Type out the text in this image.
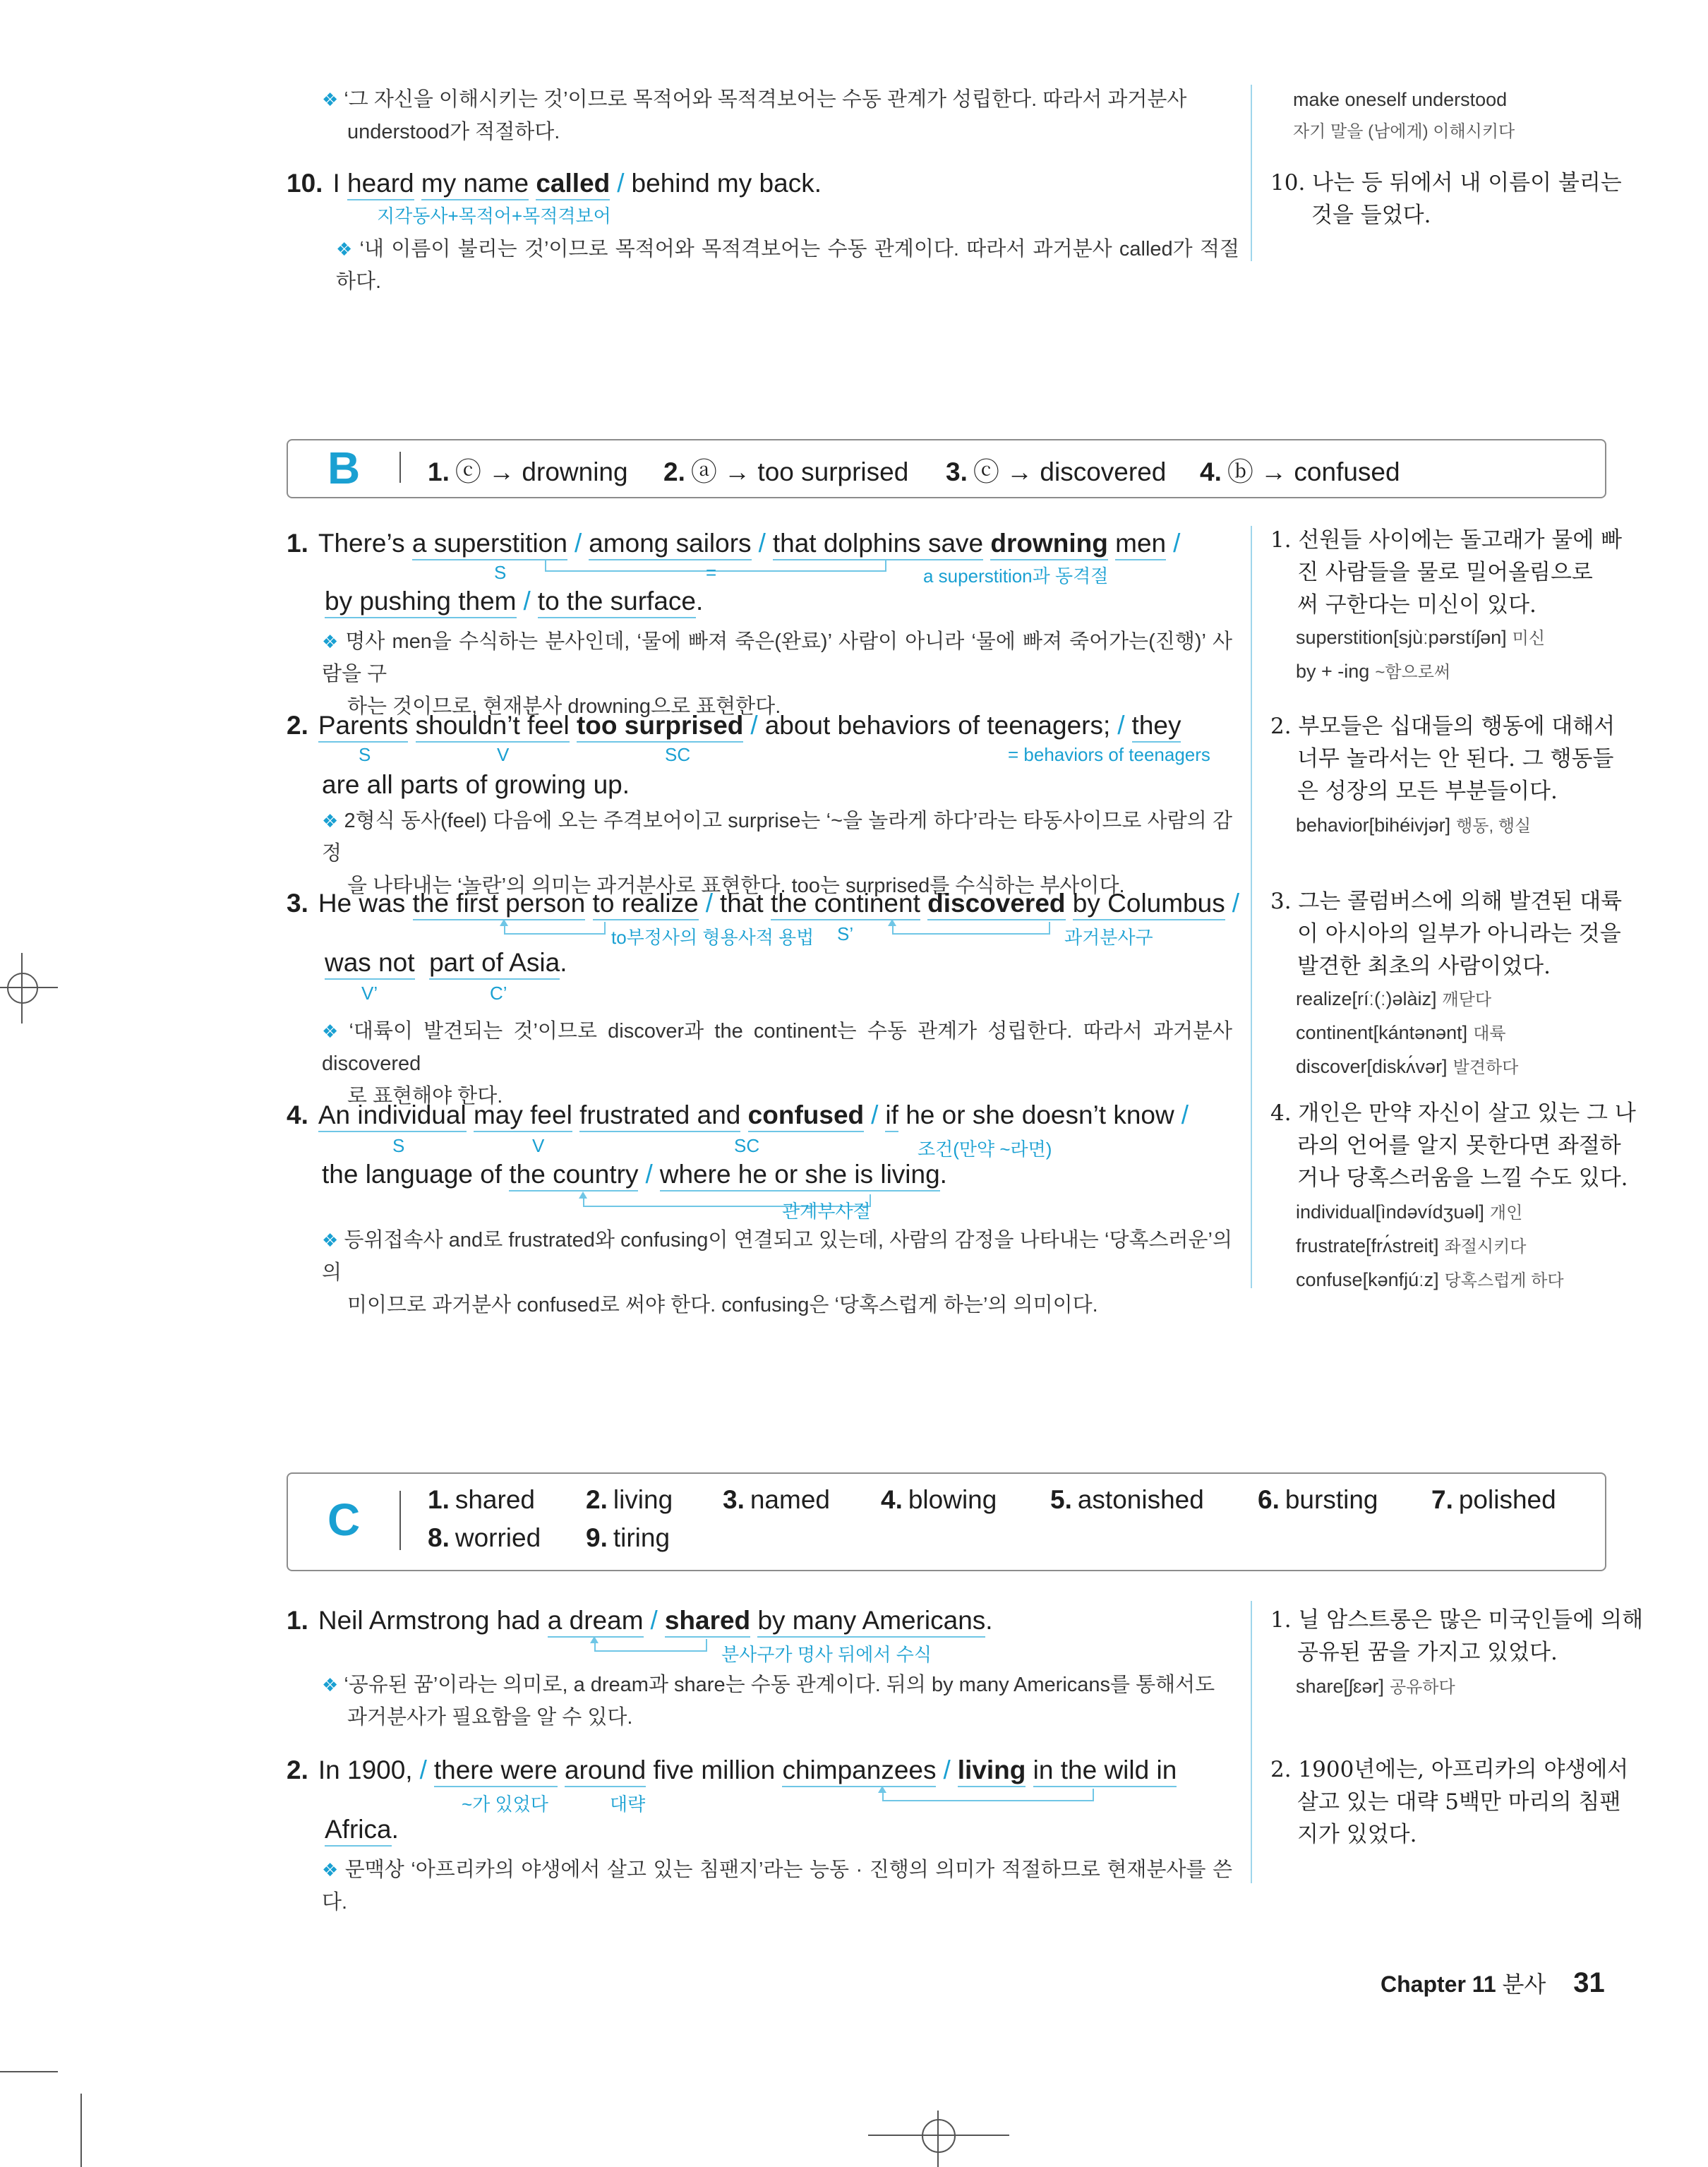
❖ ‘그 자신을 이해시키는 것’이므로 목적어와 목적격보어는 수동 관계가 성립한다. 따라서 과거분사
understood가 적절하다.
make oneself understood
자기 말을 (남에게) 이해시키다
10. I heard my name called / behind my back.
지각동사+목적어+목적격보어
❖ ‘내 이름이 불리는 것’이므로 목적어와 목적격보어는 수동 관계이다. 따라서 과거분사 called가 적절하다.
10. 나는 등 뒤에서 내 이름이 불리는
것을 들었다.
B	1. ⓒ → drowning 2. ⓐ → too surprised 3. ⓒ → discovered 4. ⓑ → confused
1. There’s a superstition / among sailors / that dolphins save drowning men /
S	=	a superstition과 동격절
by pushing them / to the surface.
❖ 명사 men을 수식하는 분사인데, ‘물에 빠져 죽은(완료)’ 사람이 아니라 ‘물에 빠져 죽어가는(진행)’ 사람을 구
하는 것이므로, 현재분사 drowning으로 표현한다.
1. 선원들 사이에는 돌고래가 물에 빠
진 사람들을 물로 밀어올림으로
써 구한다는 미신이 있다.
superstition[sjùːpərstíʃən] 미신
by + -ing ~함으로써
2. Parents shouldn’t feel too surprised / about behaviors of teenagers; / they
S	V	SC	= behaviors of teenagers
are all parts of growing up.
❖ 2형식 동사(feel) 다음에 오는 주격보어이고 surprise는 ‘~을 놀라게 하다’라는 타동사이므로 사람의 감정
을 나타내는 ‘놀란’의 의미는 과거분사로 표현한다. too는 surprised를 수식하는 부사이다.
2. 부모들은 십대들의 행동에 대해서
너무 놀라서는 안 된다. 그 행동들
은 성장의 모든 부분들이다.
behavior[bihéivjər] 행동, 행실
3. He was the first person to realize / that the continent discovered by Columbus /
to부정사의 형용사적 용법 S’	과거분사구
was not part of Asia.
V’	C’
❖ ‘대륙이 발견되는 것’이므로 discover과 the continent는 수동 관계가 성립한다. 따라서 과거분사 discovered
로 표현해야 한다.
3. 그는 콜럼버스에 의해 발견된 대륙
이 아시아의 일부가 아니라는 것을
발견한 최초의 사람이었다.
realize[ríː(ː)əlàiz] 깨닫다
continent[kántənənt] 대륙
discover[diskʌ́vər] 발견하다
4. An individual may feel frustrated and confused / if he or she doesn’t know /
S	V	SC	조건(만약 ~라면)
the language of the country / where he or she is living.
관계부사절
❖ 등위접속사 and로 frustrated와 confusing이 연결되고 있는데, 사람의 감정을 나타내는 ‘당혹스러운’의 의
미이므로 과거분사 confused로 써야 한다. confusing은 ‘당혹스럽게 하는’의 의미이다.
4. 개인은 만약 자신이 살고 있는 그 나
라의 언어를 알지 못한다면 좌절하
거나 당혹스러움을 느낄 수도 있다.
individual[ìndəvídʒuəl] 개인
frustrate[frʌ́streit] 좌절시키다
confuse[kənfjúːz] 당혹스럽게 하다
C	1. shared 2. living 3. named 4. blowing 5. astonished 6. bursting 7. polished
8. worried 9. tiring
1. Neil Armstrong had a dream / shared by many Americans.
분사구가 명사 뒤에서 수식
❖ ‘공유된 꿈’이라는 의미로, a dream과 share는 수동 관계이다. 뒤의 by many Americans를 통해서도
과거분사가 필요함을 알 수 있다.
1. 닐 암스트롱은 많은 미국인들에 의해
공유된 꿈을 가지고 있었다.
share[ʃɛər] 공유하다
2. In 1900, / there were around five million chimpanzees / living in the wild in
~가 있었다	대략
Africa.
❖ 문맥상 ‘아프리카의 야생에서 살고 있는 침팬지’라는 능동 · 진행의 의미가 적절하므로 현재분사를 쓴다.
2. 1900년에는, 아프리카의 야생에서
살고 있는 대략 5백만 마리의 침팬
지가 있었다.
Chapter 11 분사 31
